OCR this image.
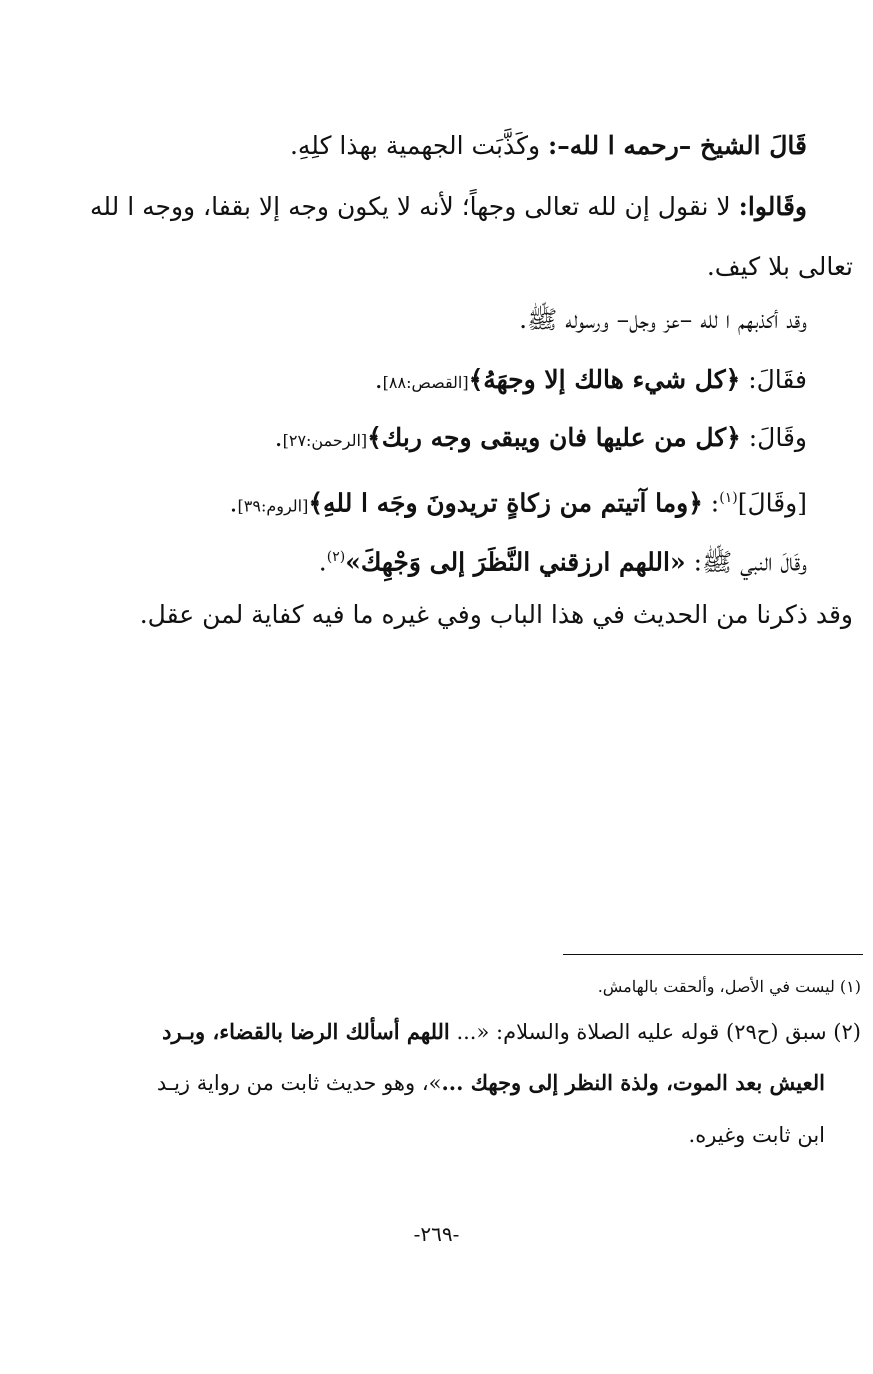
قَالَ الشيخ –رحمه ا لله–: وكَذَّبَت الجهمية بهذا كلِهِ.
وقَالوا: لا نقول إن لله تعالى وجهاً؛ لأنه لا يكون وجه إلا بقفا، ووجه ا لله
تعالى بلا كيف.
وقد أكذبهم ا لله –عز وجل– ورسوله ﷺ.
فقَالَ: ﴿كل شيء هالك إلا وجهَهُ﴾[القصص:٨٨].
وقَالَ: ﴿كل من عليها فان ويبقى وجه ربك﴾[الرحمن:٢٧].
[وقَالَ]$^{(١)}$: ﴿وما آتيتم من زكاةٍ تريدونَ وجَه ا للهِ﴾[الروم:٣٩].
وقَالَ النبي ﷺ: «اللهم ارزقني النَّظَرَ إلى وَجْهِكَ»$^{(٢)}$.
وقد ذكرنا من الحديث في هذا الباب وفي غيره ما فيه كفاية لمن عقل.
(١) ليست في الأصل، وألحقت بالهامش.
(٢) سبق (ح٢٩) قوله عليه الصلاة والسلام: «... اللهم أسألك الرضا بالقضاء، وبـرد
العيش بعد الموت، ولذة النظر إلى وجهك ...»، وهو حديث ثابت من رواية زيـد
ابن ثابت وغيره.
-٢٦٩-
